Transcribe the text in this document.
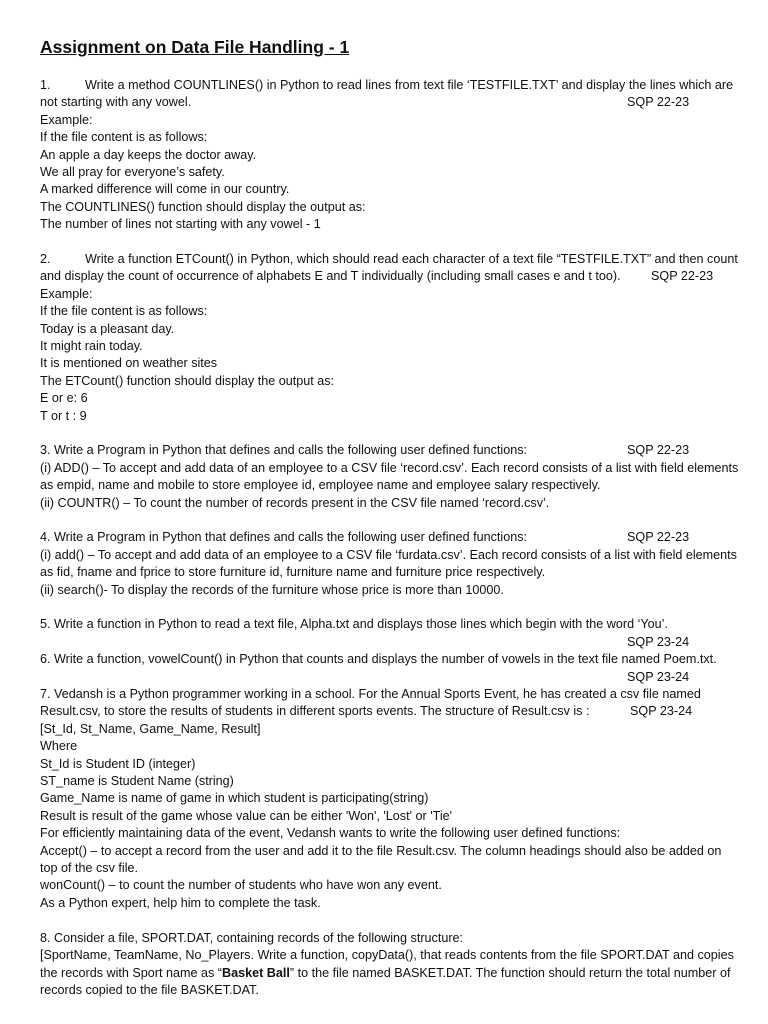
Assignment on Data File Handling - 1
1.	Write a method COUNTLINES() in Python to read lines from text file ‘TESTFILE.TXT’ and display the lines which are
not starting with any vowel.	SQP 22-23
Example:
If the file content is as follows:
An apple a day keeps the doctor away.
We all pray for everyone’s safety.
A marked difference will come in our country.
The COUNTLINES() function should display the output as:
The number of lines not starting with any vowel - 1
2.	Write a function ETCount() in Python, which should read each character of a text file “TESTFILE.TXT” and then count
and display the count of occurrence of alphabets E and T individually (including small cases e and t too). SQP 22-23
Example:
If the file content is as follows:
Today is a pleasant day.
It might rain today.
It is mentioned on weather sites
The ETCount() function should display the output as:
E or e: 6
T or t : 9
3. Write a Program in Python that defines and calls the following user defined functions:	SQP 22-23
(i) ADD() – To accept and add data of an employee to a CSV file ‘record.csv’. Each record consists of a list with field elements
as empid, name and mobile to store employee id, employee name and employee salary respectively.
(ii) COUNTR() – To count the number of records present in the CSV file named ‘record.csv’.
4. Write a Program in Python that defines and calls the following user defined functions:	SQP 22-23
(i) add() – To accept and add data of an employee to a CSV file ‘furdata.csv’. Each record consists of a list with field elements
as fid, fname and fprice to store furniture id, furniture name and furniture price respectively.
(ii) search()- To display the records of the furniture whose price is more than 10000.
5. Write a function in Python to read a text file, Alpha.txt and displays those lines which begin with the word ‘You’.
SQP 23-24
6. Write a function, vowelCount() in Python that counts and displays the number of vowels in the text file named Poem.txt.
SQP 23-24
7. Vedansh is a Python programmer working in a school. For the Annual Sports Event, he has created a csv file named
Result.csv, to store the results of students in different sports events. The structure of Result.csv is :	SQP 23-24
[St_Id, St_Name, Game_Name, Result]
Where
St_Id is Student ID (integer)
ST_name is Student Name (string)
Game_Name is name of game in which student is participating(string)
Result is result of the game whose value can be either 'Won', 'Lost' or 'Tie'
For efficiently maintaining data of the event, Vedansh wants to write the following user defined functions:
Accept() – to accept a record from the user and add it to the file Result.csv. The column headings should also be added on
top of the csv file.
wonCount() – to count the number of students who have won any event.
As a Python expert, help him to complete the task.
8. Consider a file, SPORT.DAT, containing records of the following structure:
[SportName, TeamName, No_Players. Write a function, copyData(), that reads contents from the file SPORT.DAT and copies
the records with Sport name as “Basket Ball” to the file named BASKET.DAT. The function should return the total number of
records copied to the file BASKET.DAT.
